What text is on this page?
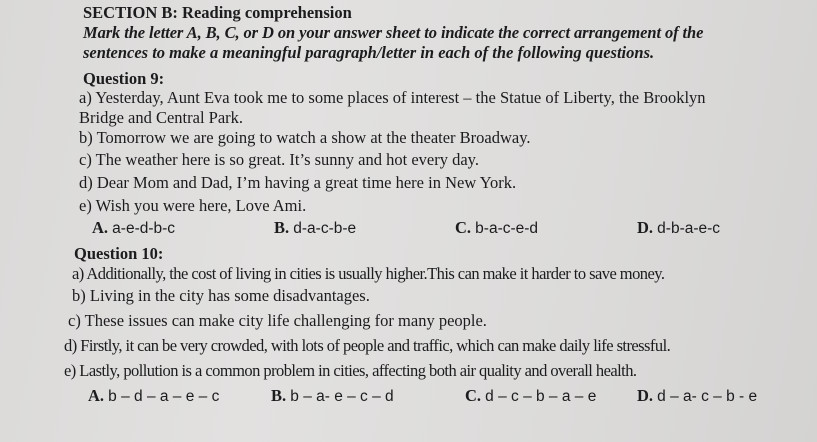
SECTION B: Reading comprehension
Mark the letter A, B, C, or D on your answer sheet to indicate the correct arrangement of the
sentences to make a meaningful paragraph/letter in each of the following questions.
Question 9:
a) Yesterday, Aunt Eva took me to some places of interest – the Statue of Liberty, the Brooklyn
Bridge and Central Park.
b) Tomorrow we are going to watch a show at the theater Broadway.
c) The weather here is so great. It’s sunny and hot every day.
d) Dear Mom and Dad, I’m having a great time here in New York.
e) Wish you were here, Love Ami.
A. a-e-d-b-c	B. d-a-c-b-e	C. b-a-c-e-d	D. d-b-a-e-c
Question 10:
a) Additionally, the cost of living in cities is usually higher.This can make it harder to save money.
b) Living in the city has some disadvantages.
c) These issues can make city life challenging for many people.
d) Firstly, it can be very crowded, with lots of people and traffic, which can make daily life stressful.
e) Lastly, pollution is a common problem in cities, affecting both air quality and overall health.
A. b – d – a – e – c	B. b – a- e – c – d	C. d – c – b – a – e D. d – a- c – b - e
